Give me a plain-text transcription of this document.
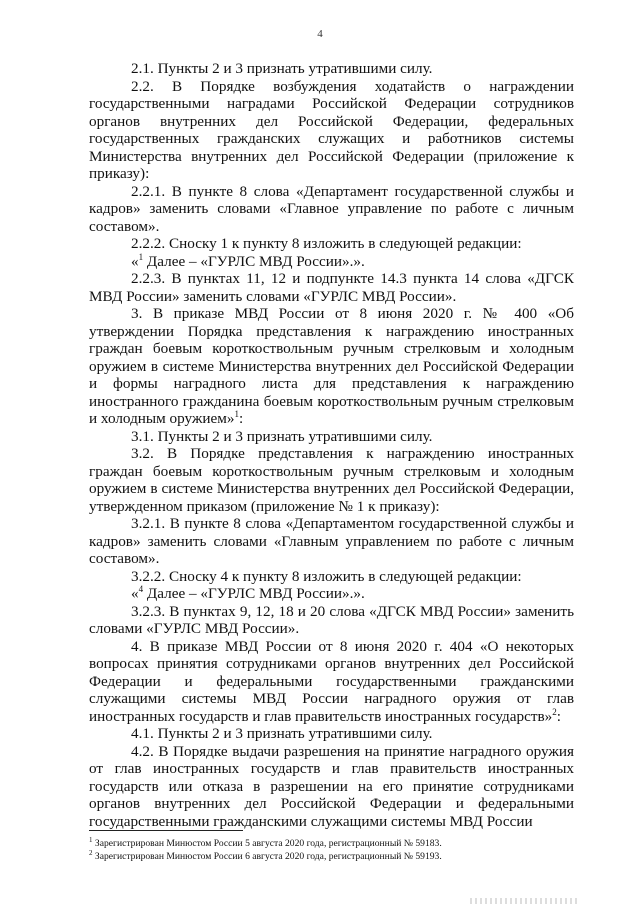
4

2.1. Пункты 2 и 3 признать утратившими силу.

2.2. В Порядке возбуждения ходатайств о награждении государственными наградами Российской Федерации сотрудников органов внутренних дел Российской Федерации, федеральных государственных гражданских служащих и работников системы Министерства внутренних дел Российской Федерации (приложение к приказу):

2.2.1. В пункте 8 слова «Департамент государственной службы и кадров» заменить словами «Главное управление по работе с личным составом».

2.2.2. Сноску 1 к пункту 8 изложить в следующей редакции:

«$^1$ Далее – «ГУРЛС МВД России».».

2.2.3. В пунктах 11, 12 и подпункте 14.3 пункта 14 слова «ДГСК МВД России» заменить словами «ГУРЛС МВД России».

3. В приказе МВД России от 8 июня 2020 г. № 400 «Об утверждении Порядка представления к награждению иностранных граждан боевым короткоствольным ручным стрелковым и холодным оружием в системе Министерства внутренних дел Российской Федерации и формы наградного листа для представления к награждению иностранного гражданина боевым короткоствольным ручным стрелковым и холодным оружием»$^1$:

3.1. Пункты 2 и 3 признать утратившими силу.

3.2. В Порядке представления к награждению иностранных граждан боевым короткоствольным ручным стрелковым и холодным оружием в системе Министерства внутренних дел Российской Федерации, утвержденном приказом (приложение № 1 к приказу):

3.2.1. В пункте 8 слова «Департаментом государственной службы и кадров» заменить словами «Главным управлением по работе с личным составом».

3.2.2. Сноску 4 к пункту 8 изложить в следующей редакции:

«$^4$ Далее – «ГУРЛС МВД России».».

3.2.3. В пунктах 9, 12, 18 и 20 слова «ДГСК МВД России» заменить словами «ГУРЛС МВД России».

4. В приказе МВД России от 8 июня 2020 г. 404 «О некоторых вопросах принятия сотрудниками органов внутренних дел Российской Федерации и федеральными государственными гражданскими служащими системы МВД России наградного оружия от глав иностранных государств и глав правительств иностранных государств»$^2$:

4.1. Пункты 2 и 3 признать утратившими силу.

4.2. В Порядке выдачи разрешения на принятие наградного оружия от глав иностранных государств и глав правительств иностранных государств или отказа в разрешении на его принятие сотрудниками органов внутренних дел Российской Федерации и федеральными государственными гражданскими служащими системы МВД России

$^1$ Зарегистрирован Минюстом России 5 августа 2020 года, регистрационный № 59183.

$^2$ Зарегистрирован Минюстом России 6 августа 2020 года, регистрационный № 59193.
